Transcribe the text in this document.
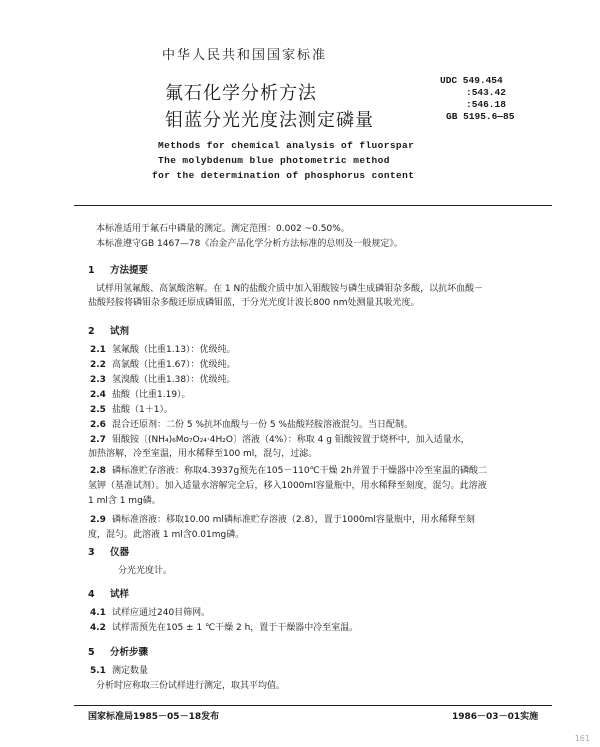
中华人民共和国国家标准
氟石化学分析方法
钼蓝分光光度法测定磷量
UDC 549.454
:543.42
:546.18
GB 5195.6—85
Methods for chemical analysis of fluorspar
The molybdenum blue photometric method
for the determination of phosphorus content
本标准适用于氟石中磷量的测定。测定范围：0.002 ~0.50%。
本标准遵守GB 1467—78《冶金产品化学分析方法标准的总则及一般规定》。
1 方法提要
试样用氢氟酸、高氯酸溶解。在 1 N的盐酸介质中加入钼酸铵与磷生成磷钼杂多酸，以抗坏血酸－
盐酸羟胺将磷钼杂多酸还原成磷钼蓝，于分光光度计波长800 nm处测量其吸光度。
2 试剂
2.1 氢氟酸（比重1.13）：优级纯。
2.2 高氯酸（比重1.67）：优级纯。
2.3 氢溴酸（比重1.38）：优级纯。
2.4 盐酸（比重1.19）。
2.5 盐酸（1＋1）。
2.6 混合还原剂：二份 5 %抗坏血酸与一份 5 %盐酸羟胺溶液混匀。当日配制。
2.7 钼酸铵〔(NH₄)₆Mo₇O₂₄·4H₂O〕溶液（4%）：称取 4 g 钼酸铵置于烧杯中，加入适量水，
加热溶解，冷至室温，用水稀释至100 ml，混匀，过滤。
2.8 磷标准贮存溶液：称取4.3937g预先在105－110℃干燥 2h并置于干燥器中冷至室温的磷酸二
氢钾（基准试剂）。加入适量水溶解完全后，移入1000ml容量瓶中，用水稀释至刻度，混匀。此溶液
1 ml含 1 mg磷。
2.9 磷标准溶液：移取10.00 ml磷标准贮存溶液（2.8），置于1000ml容量瓶中，用水稀释至刻
度，混匀。此溶液 1 ml含0.01mg磷。
3 仪器
分光光度计。
4 试样
4.1 试样应通过240目筛网。
4.2 试样需预先在105 ± 1 ℃干燥 2 h，置于干燥器中冷至室温。
5 分析步骤
5.1 测定数量
分析时应称取三份试样进行测定，取其平均值。
国家标准局1985－05－18发布	1986－03－01实施
161
